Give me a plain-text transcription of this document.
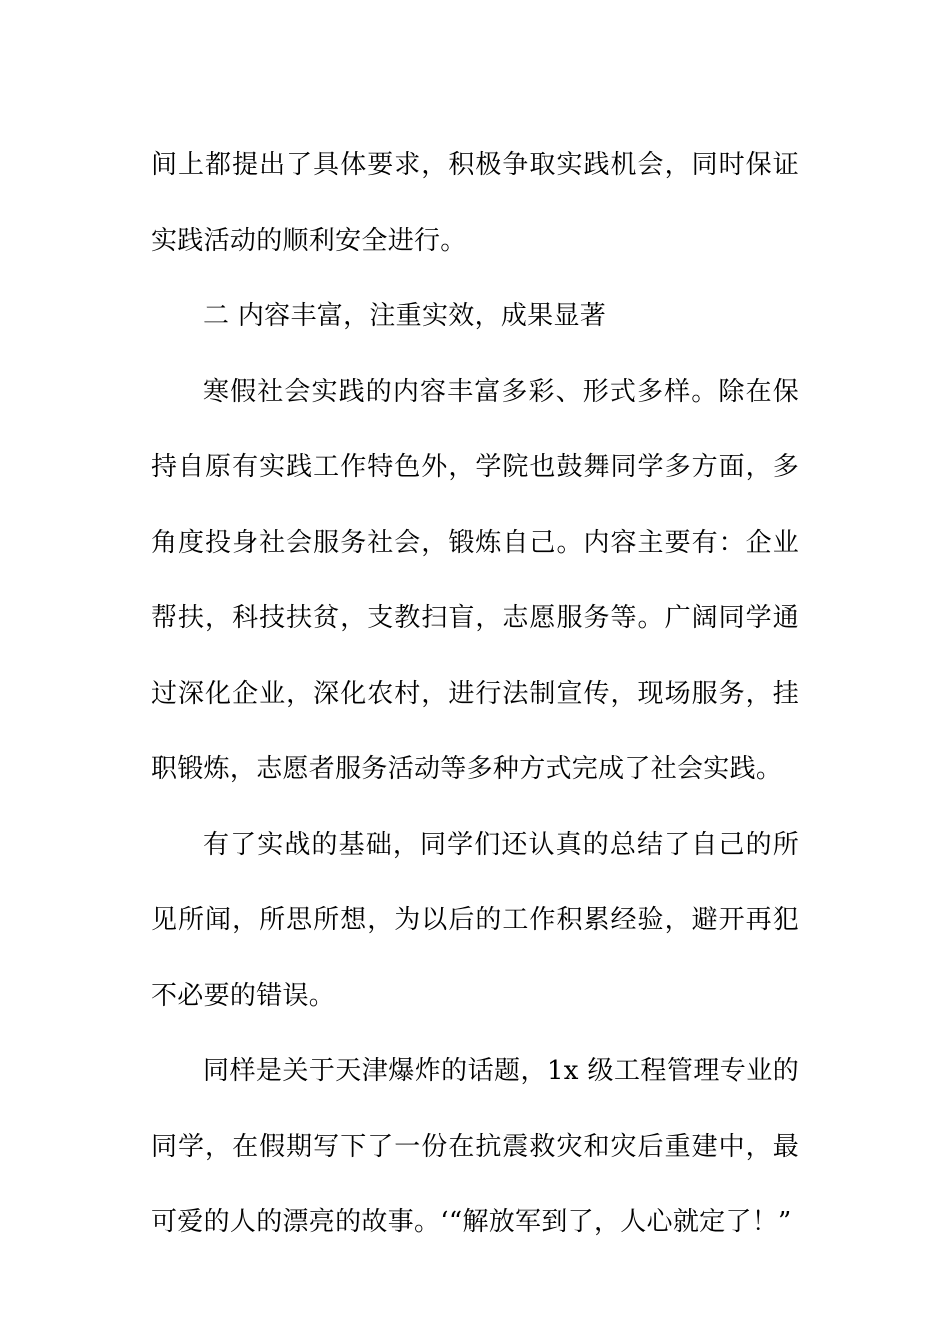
间上都提出了具体要求，积极争取实践机会，同时保证实践活动的顺利安全进行。

二 内容丰富，注重实效，成果显著

寒假社会实践的内容丰富多彩、形式多样。除在保持自原有实践工作特色外，学院也鼓舞同学多方面，多角度投身社会服务社会，锻炼自己。内容主要有：企业帮扶，科技扶贫，支教扫盲，志愿服务等。广阔同学通过深化企业，深化农村，进行法制宣传，现场服务，挂职锻炼，志愿者服务活动等多种方式完成了社会实践。

有了实战的基础，同学们还认真的总结了自己的所见所闻，所思所想，为以后的工作积累经验，避开再犯不必要的错误。

同样是关于天津爆炸的话题，1x 级工程管理专业的同学，在假期写下了一份在抗震救灾和灾后重建中，最可爱的人的漂亮的故事。‘“解放军到了，人心就定了！”
